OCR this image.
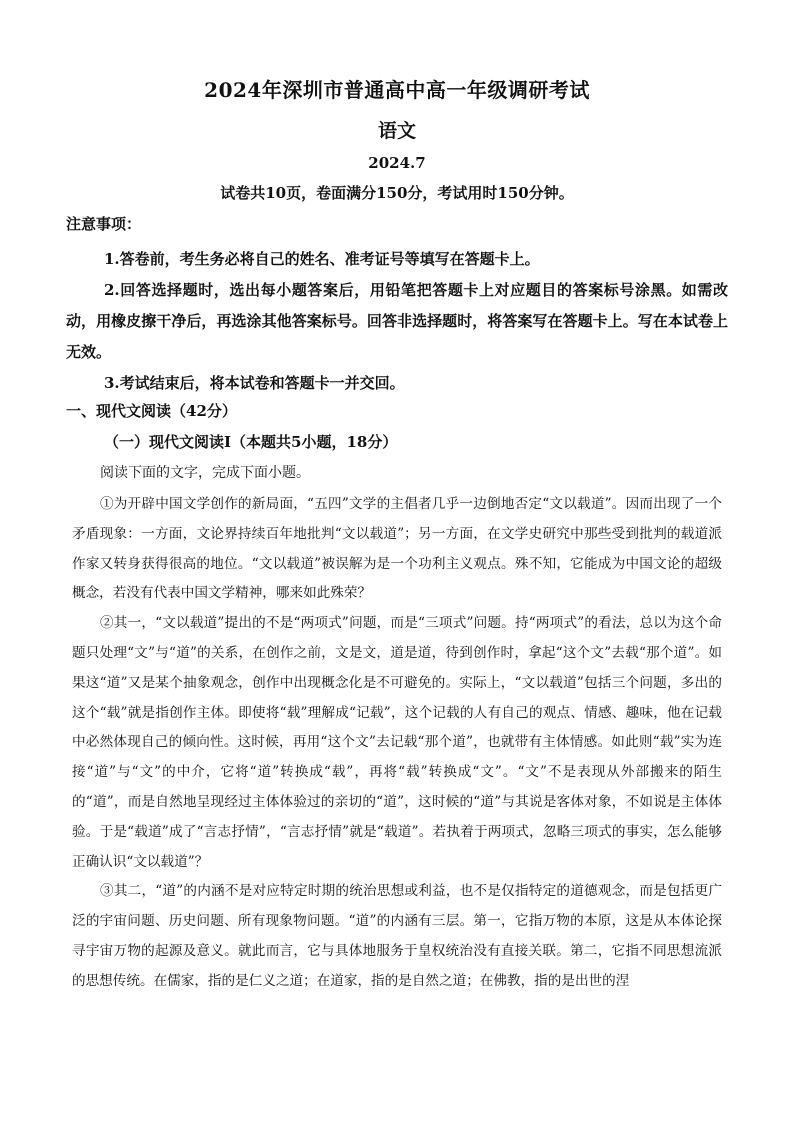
2024年深圳市普通高中高一年级调研考试
语文
2024.7
试卷共10页，卷面满分150分，考试用时150分钟。
注意事项：

1.答卷前，考生务必将自己的姓名、准考证号等填写在答题卡上。

2.回答选择题时，选出每小题答案后，用铅笔把答题卡上对应题目的答案标号涂黑。如需改动，用橡皮擦干净后，再选涂其他答案标号。回答非选择题时，将答案写在答题卡上。写在本试卷上无效。

3.考试结束后，将本试卷和答题卡一并交回。

一、现代文阅读（42分）
（一）现代文阅读Ⅰ（本题共5小题，18分）
阅读下面的文字，完成下面小题。

①为开辟中国文学创作的新局面，“五四”文学的主倡者几乎一边倒地否定“文以载道”。因而出现了一个矛盾现象：一方面，文论界持续百年地批判“文以载道”；另一方面，在文学史研究中那些受到批判的载道派作家又转身获得很高的地位。“文以载道”被误解为是一个功利主义观点。殊不知，它能成为中国文论的超级概念，若没有代表中国文学精神，哪来如此殊荣？

②其一，“文以载道”提出的不是“两项式”问题，而是“三项式”问题。持“两项式”的看法，总以为这个命题只处理“文”与“道”的关系，在创作之前，文是文，道是道，待到创作时，拿起“这个文”去载“那个道”。如果这“道”又是某个抽象观念，创作中出现概念化是不可避免的。实际上，“文以载道”包括三个问题，多出的这个“载”就是指创作主体。即使将“载”理解成“记载”，这个记载的人有自己的观点、情感、趣味，他在记载中必然体现自己的倾向性。这时候，再用“这个文”去记载“那个道”，也就带有主体情感。如此则“载”实为连接“道”与“文”的中介，它将“道”转换成“载”，再将“载”转换成“文”。“文”不是表现从外部搬来的陌生的“道”，而是自然地呈现经过主体体验过的亲切的“道”，这时候的“道”与其说是客体对象，不如说是主体体验。于是“载道”成了“言志抒情”，“言志抒情”就是“载道”。若执着于两项式，忽略三项式的事实，怎么能够正确认识“文以载道”？

③其二，“道”的内涵不是对应特定时期的统治思想或利益，也不是仅指特定的道德观念，而是包括更广泛的宇宙问题、历史问题、所有现象物问题。“道”的内涵有三层。第一，它指万物的本原，这是从本体论探寻宇宙万物的起源及意义。就此而言，它与具体地服务于皇权统治没有直接关联。第二，它指不同思想流派的思想传统。在儒家，指的是仁义之道；在道家，指的是自然之道；在佛教，指的是出世的涅
